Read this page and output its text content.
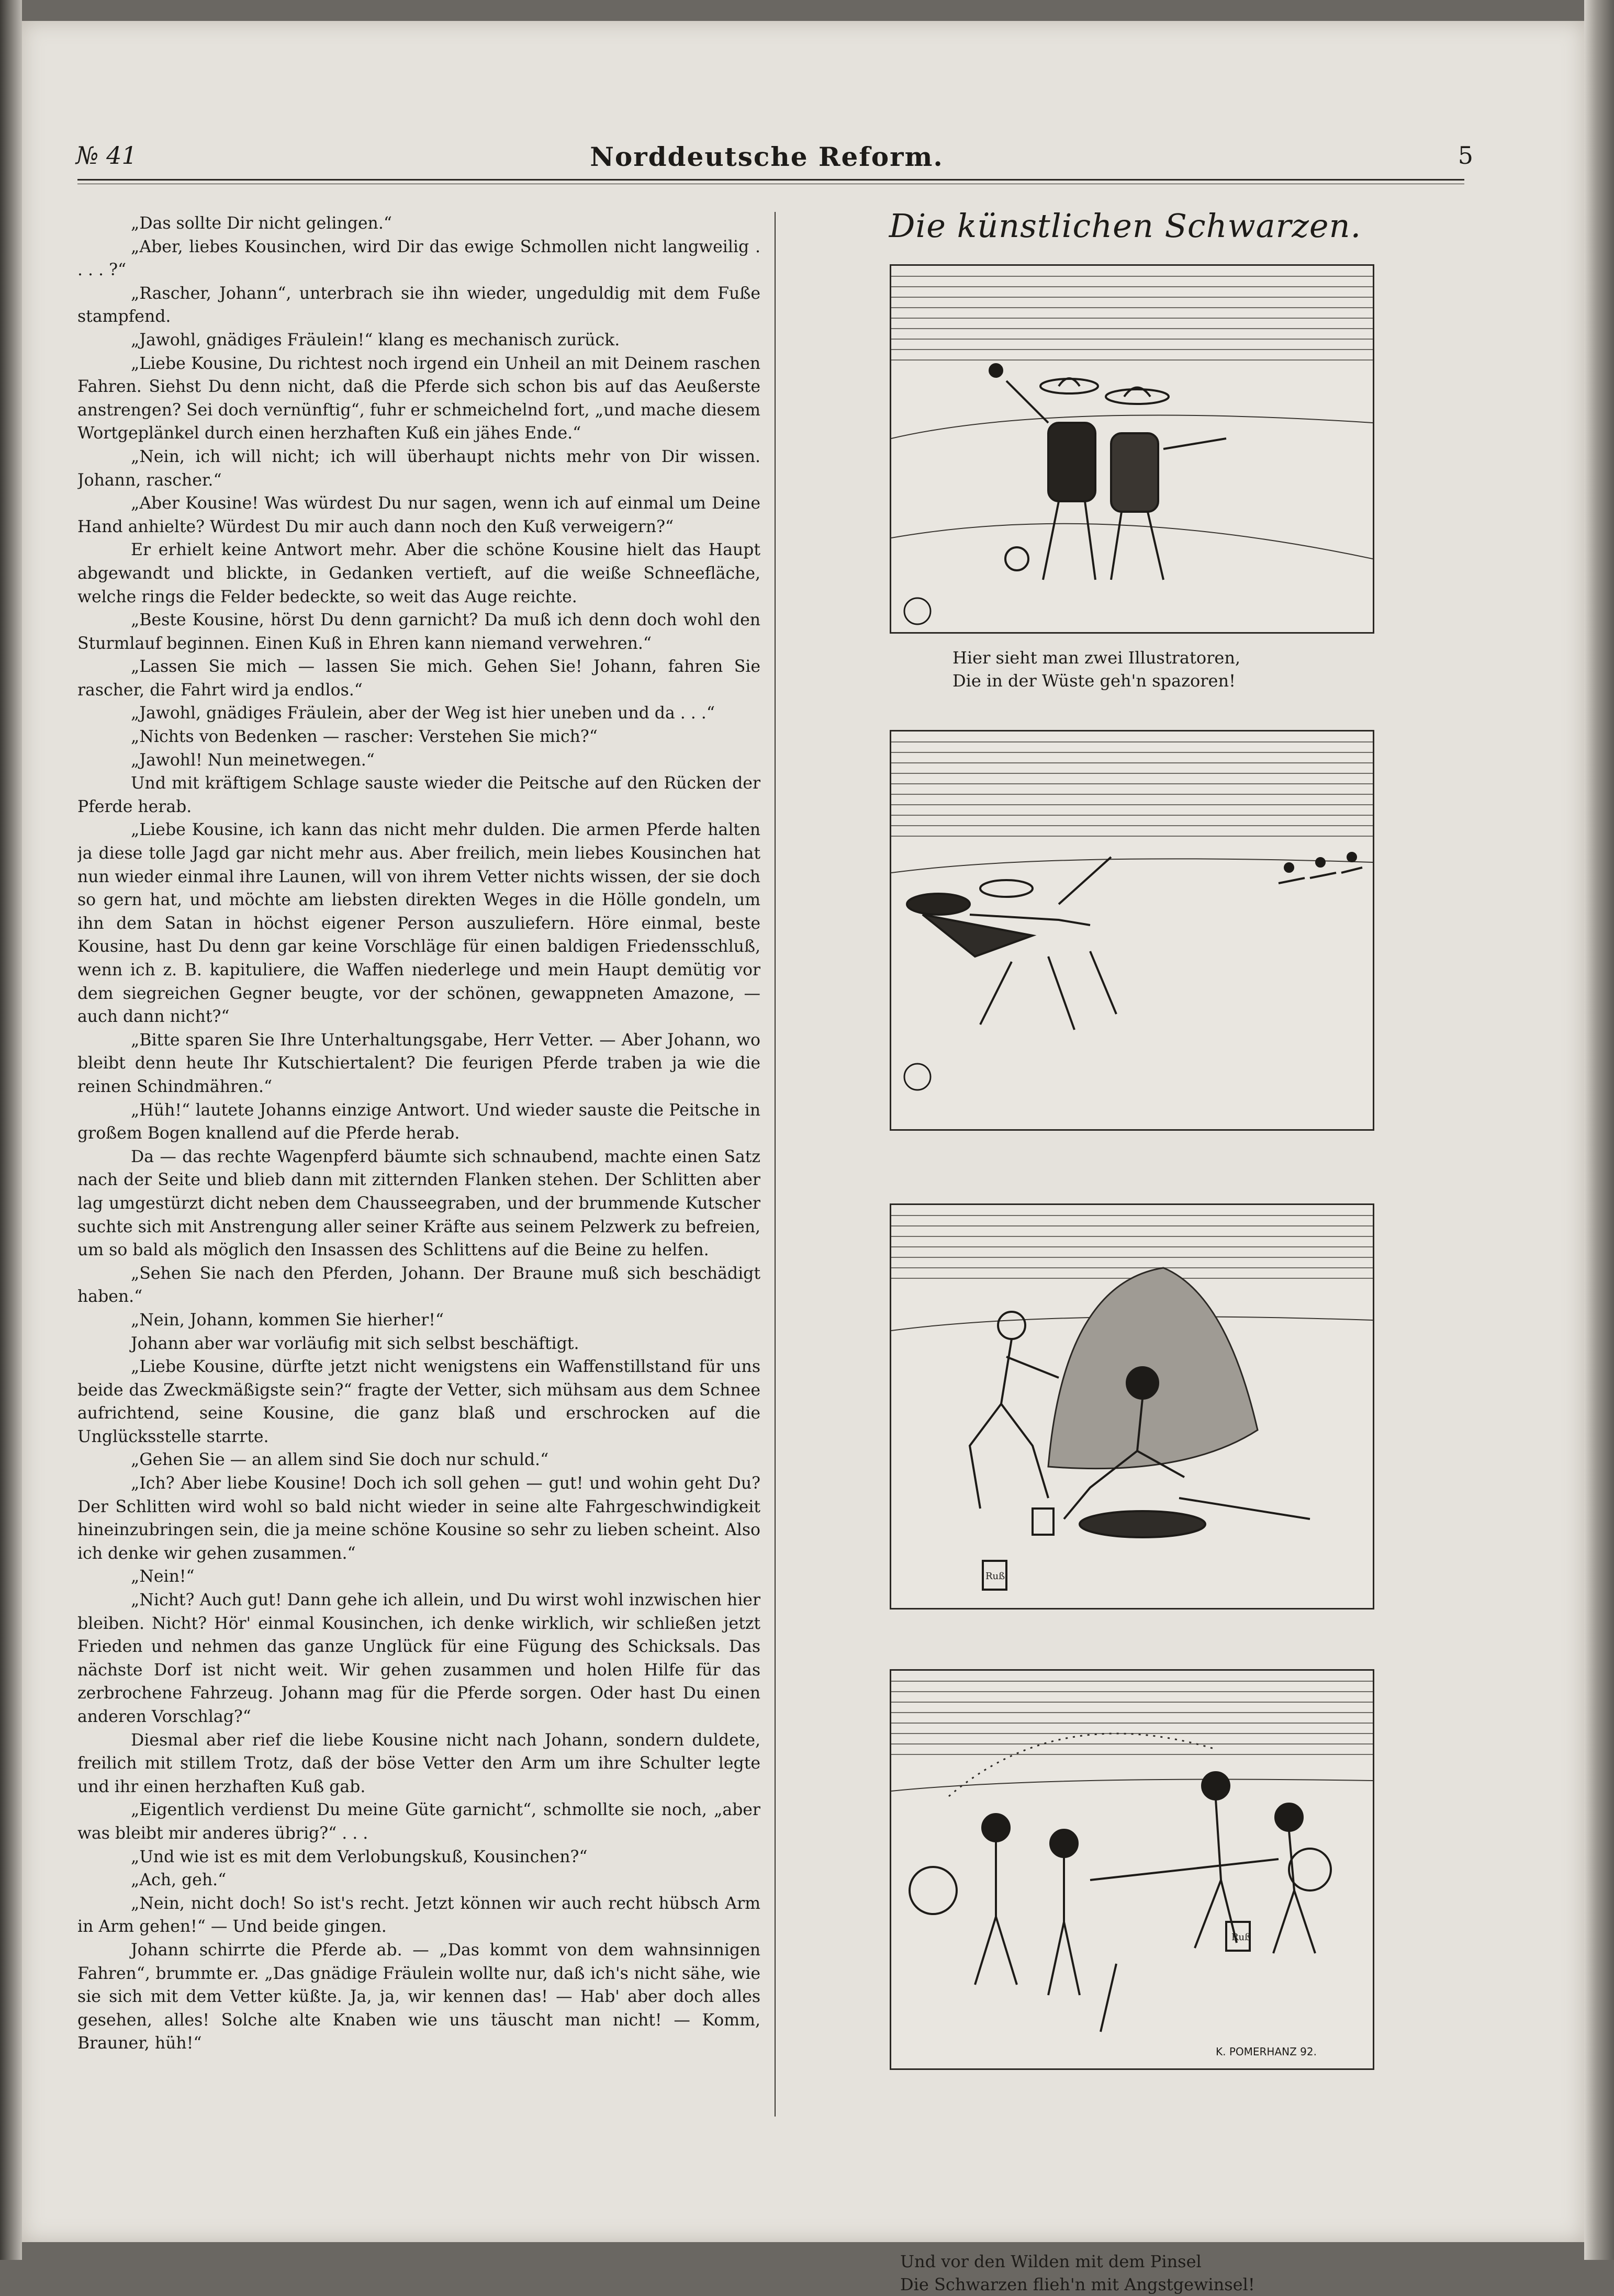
№ 41	Norddeutsche Reform.	5

„Das sollte Dir nicht gelingen.“

„Aber, liebes Kousinchen, wird Dir das ewige Schmollen nicht langweilig . . . . ?“

„Rascher, Johann“, unterbrach sie ihn wieder, ungeduldig mit dem Fuße stampfend.

„Jawohl, gnädiges Fräulein!“ klang es mechanisch zurück.

„Liebe Kousine, Du richtest noch irgend ein Unheil an mit Deinem raschen Fahren. Siehst Du denn nicht, daß die Pferde sich schon bis auf das Aeußerste anstrengen? Sei doch vernünftig“, fuhr er schmeichelnd fort, „und mache diesem Wortgeplänkel durch einen herzhaften Kuß ein jähes Ende.“

„Nein, ich will nicht; ich will überhaupt nichts mehr von Dir wissen. Johann, rascher.“

„Aber Kousine! Was würdest Du nur sagen, wenn ich auf einmal um Deine Hand anhielte? Würdest Du mir auch dann noch den Kuß verweigern?“

Er erhielt keine Antwort mehr. Aber die schöne Kousine hielt das Haupt abgewandt und blickte, in Gedanken vertieft, auf die weiße Schneefläche, welche rings die Felder bedeckte, so weit das Auge reichte.

„Beste Kousine, hörst Du denn garnicht? Da muß ich denn doch wohl den Sturmlauf beginnen. Einen Kuß in Ehren kann niemand verwehren.“

„Lassen Sie mich — lassen Sie mich. Gehen Sie! Johann, fahren Sie rascher, die Fahrt wird ja endlos.“

„Jawohl, gnädiges Fräulein, aber der Weg ist hier uneben und da . . .“

„Nichts von Bedenken — rascher: Verstehen Sie mich?“

„Jawohl! Nun meinetwegen.“

Und mit kräftigem Schlage sauste wieder die Peitsche auf den Rücken der Pferde herab.

„Liebe Kousine, ich kann das nicht mehr dulden. Die armen Pferde halten ja diese tolle Jagd gar nicht mehr aus. Aber freilich, mein liebes Kousinchen hat nun wieder einmal ihre Launen, will von ihrem Vetter nichts wissen, der sie doch so gern hat, und möchte am liebsten direkten Weges in die Hölle gondeln, um ihn dem Satan in höchst eigener Person auszuliefern. Höre einmal, beste Kousine, hast Du denn gar keine Vorschläge für einen baldigen Friedensschluß, wenn ich z. B. kapituliere, die Waffen niederlege und mein Haupt demütig vor dem siegreichen Gegner beugte, vor der schönen, gewappneten Amazone, — auch dann nicht?“

„Bitte sparen Sie Ihre Unterhaltungsgabe, Herr Vetter. — Aber Johann, wo bleibt denn heute Ihr Kutschiertalent? Die feurigen Pferde traben ja wie die reinen Schindmähren.“

„Hüh!“ lautete Johanns einzige Antwort. Und wieder sauste die Peitsche in großem Bogen knallend auf die Pferde herab.

Da — das rechte Wagenpferd bäumte sich schnaubend, machte einen Satz nach der Seite und blieb dann mit zitternden Flanken stehen. Der Schlitten aber lag umgestürzt dicht neben dem Chausseegraben, und der brummende Kutscher suchte sich mit Anstrengung aller seiner Kräfte aus seinem Pelzwerk zu befreien, um so bald als möglich den Insassen des Schlittens auf die Beine zu helfen.

„Sehen Sie nach den Pferden, Johann. Der Braune muß sich beschädigt haben.“

„Nein, Johann, kommen Sie hierher!“

Johann aber war vorläufig mit sich selbst beschäftigt.

„Liebe Kousine, dürfte jetzt nicht wenigstens ein Waffenstillstand für uns beide das Zweckmäßigste sein?“ fragte der Vetter, sich mühsam aus dem Schnee aufrichtend, seine Kousine, die ganz blaß und erschrocken auf die Unglücksstelle starrte.

„Gehen Sie — an allem sind Sie doch nur schuld.“

„Ich? Aber liebe Kousine! Doch ich soll gehen — gut! und wohin geht Du? Der Schlitten wird wohl so bald nicht wieder in seine alte Fahrgeschwindigkeit hineinzubringen sein, die ja meine schöne Kousine so sehr zu lieben scheint. Also ich denke wir gehen zusammen.“

„Nein!“

„Nicht? Auch gut! Dann gehe ich allein, und Du wirst wohl inzwischen hier bleiben. Nicht? Hör' einmal Kousinchen, ich denke wirklich, wir schließen jetzt Frieden und nehmen das ganze Unglück für eine Fügung des Schicksals. Das nächste Dorf ist nicht weit. Wir gehen zusammen und holen Hilfe für das zerbrochene Fahrzeug. Johann mag für die Pferde sorgen. Oder hast Du einen anderen Vorschlag?“

Diesmal aber rief die liebe Kousine nicht nach Johann, sondern duldete, freilich mit stillem Trotz, daß der böse Vetter den Arm um ihre Schulter legte und ihr einen herzhaften Kuß gab.

„Eigentlich verdienst Du meine Güte garnicht“, schmollte sie noch, „aber was bleibt mir anderes übrig?“ . . .

„Und wie ist es mit dem Verlobungskuß, Kousinchen?“

„Ach, geh.“

„Nein, nicht doch! So ist's recht. Jetzt können wir auch recht hübsch Arm in Arm gehen!“ — Und beide gingen.

Johann schirrte die Pferde ab. — „Das kommt von dem wahnsinnigen Fahren“, brummte er. „Das gnädige Fräulein wollte nur, daß ich's nicht sähe, wie sie sich mit dem Vetter küßte. Ja, ja, wir kennen das! — Hab' aber doch alles gesehen, alles! Solche alte Knaben wie uns täuscht man nicht! — Komm, Brauner, hüh!“

Die künstlichen Schwarzen.
Hier sieht man zwei Illustratoren,
Die in der Wüste geh'n spazoren!
Ruß
Ruß
K. POMERHANZ 92.
Und vor den Wilden mit dem Pinsel
Die Schwarzen flieh'n mit Angstgewinsel!
